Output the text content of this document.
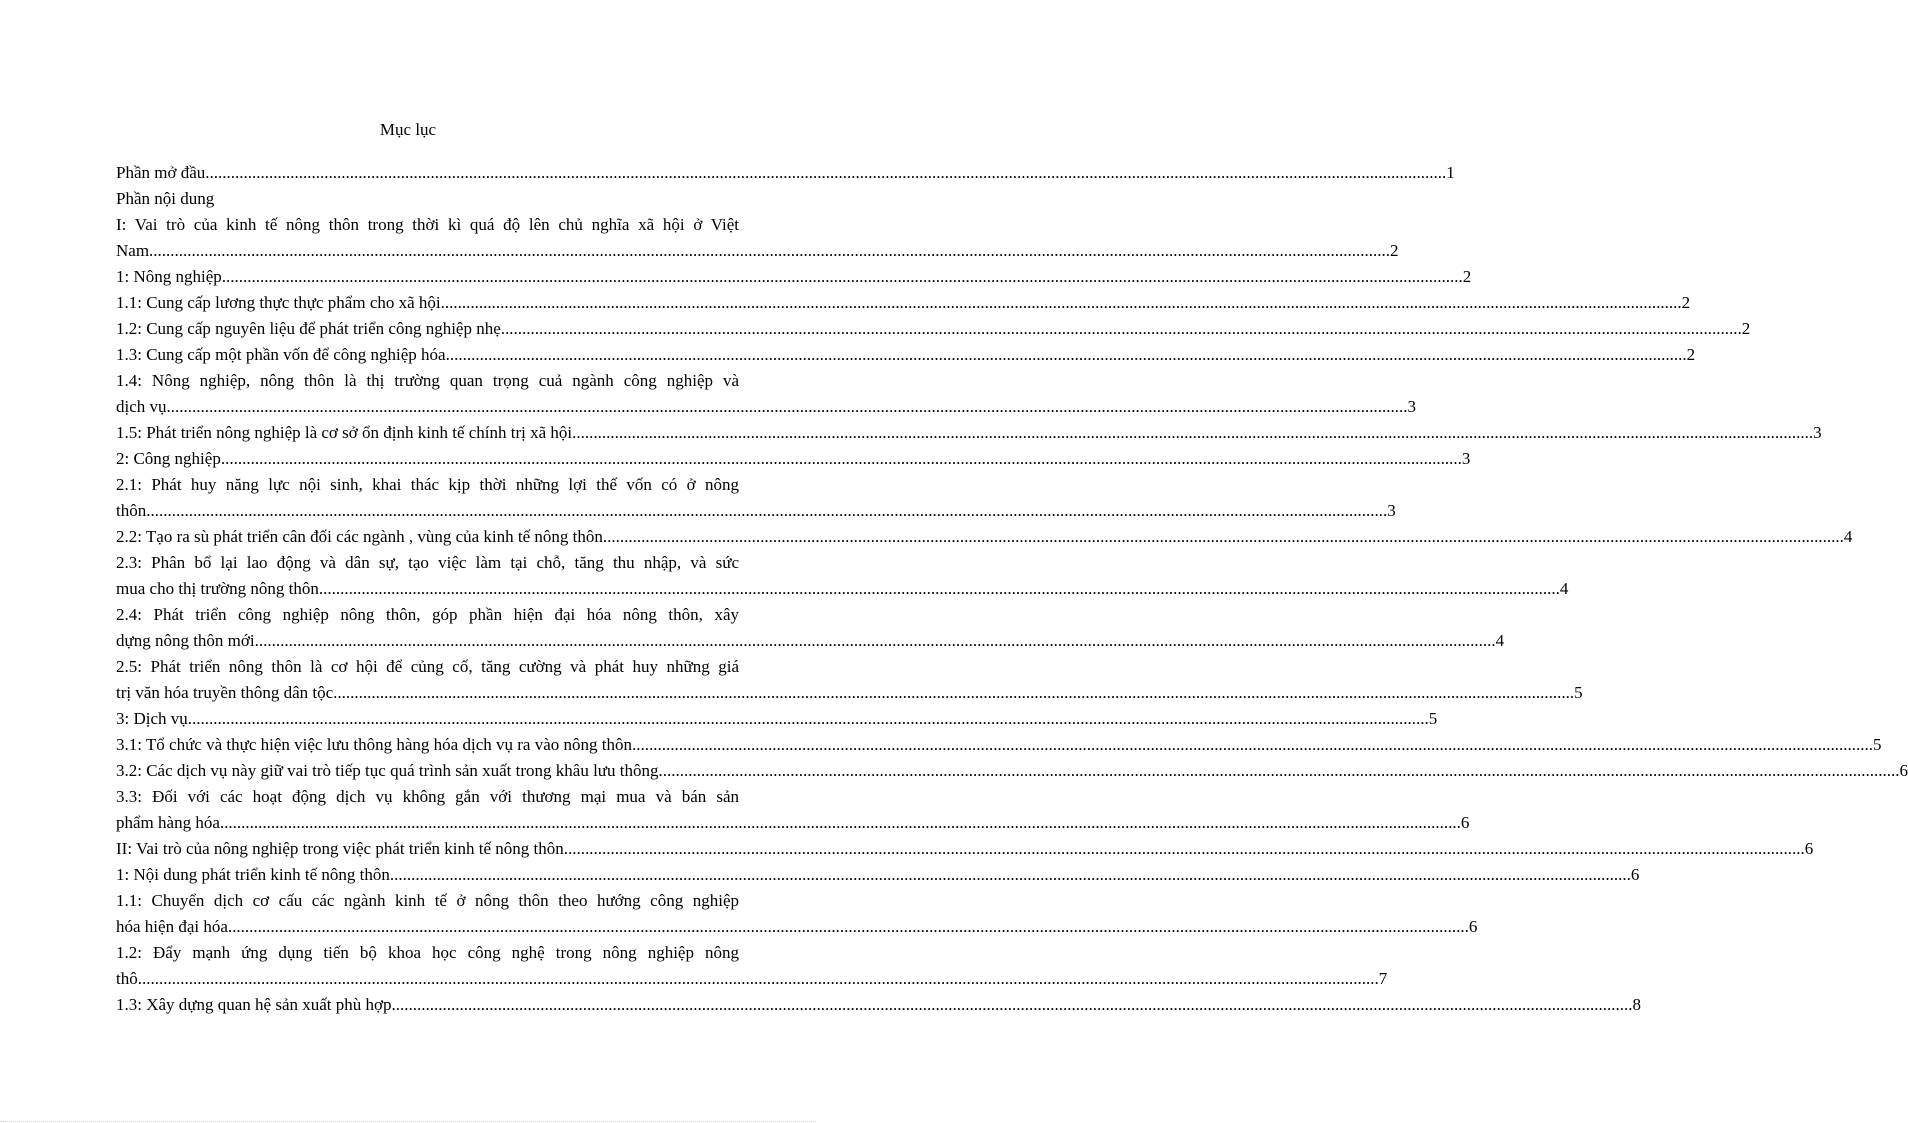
Mục lục
Phần mở đầu .....	1
Phần nội dung
I: Vai trò của kinh tế nông thôn trong thời kì quá độ lên chủ nghĩa xã hội ở Việt
Nam .....	2
1: Nông nghiệp .....	2
1.1: Cung cấp lương thực thực phẩm cho xã hội .....	2
1.2: Cung cấp nguyên liệu để phát triển công nghiệp nhẹ .....	2
1.3: Cung cấp một phần vốn để công nghiệp hóa .....	2
1.4: Nông nghiệp, nông thôn là thị trường quan trọng cuả ngành công nghiệp và
dịch vụ .....	3
1.5: Phát triển nông nghiệp là cơ sở ổn định kinh tế chính trị xã hội .....	3
2: Công nghiệp .....	3
2.1: Phát huy năng lực nội sinh, khai thác kịp thời những lợi thế vốn có ở nông
thôn .....	3
2.2: Tạo ra sù phát triển cân đối các ngành , vùng của kinh tế nông thôn .....	4
2.3: Phân bổ lại lao động và dân sự, tạo việc làm tại chỗ, tăng thu nhập, và sức
mua cho thị trường nông thôn .....	4
2.4: Phát triển công nghiệp nông thôn, góp phần hiện đại hóa nông thôn, xây
dựng nông thôn mới .....	4
2.5: Phát triển nông thôn là cơ hội để củng cố, tăng cường và phát huy những giá
trị văn hóa truyền thông dân tộc .....	5
3: Dịch vụ .....	5
3.1: Tổ chức và thực hiện việc lưu thông hàng hóa dịch vụ ra vào nông thôn .....	5
3.2: Các dịch vụ này giữ vai trò tiếp tục quá trình sản xuất trong khâu lưu thông .....	6
3.3: Đối với các hoạt động dịch vụ không gắn với thương mại mua và bán sản
phẩm hàng hóa .....	6
II: Vai trò của nông nghiệp trong việc phát triển kinh tế nông thôn .....	6
1: Nội dung phát triển kinh tế nông thôn .....	6
1.1: Chuyển dịch cơ cấu các ngành kinh tế ở nông thôn theo hướng công nghiệp
hóa hiện đại hóa .....	6
1.2: Đẩy mạnh ứng dụng tiến bộ khoa học công nghệ trong nông nghiệp nông
thô .....	7
1.3: Xây dựng quan hệ sản xuất phù hợp .....	8
